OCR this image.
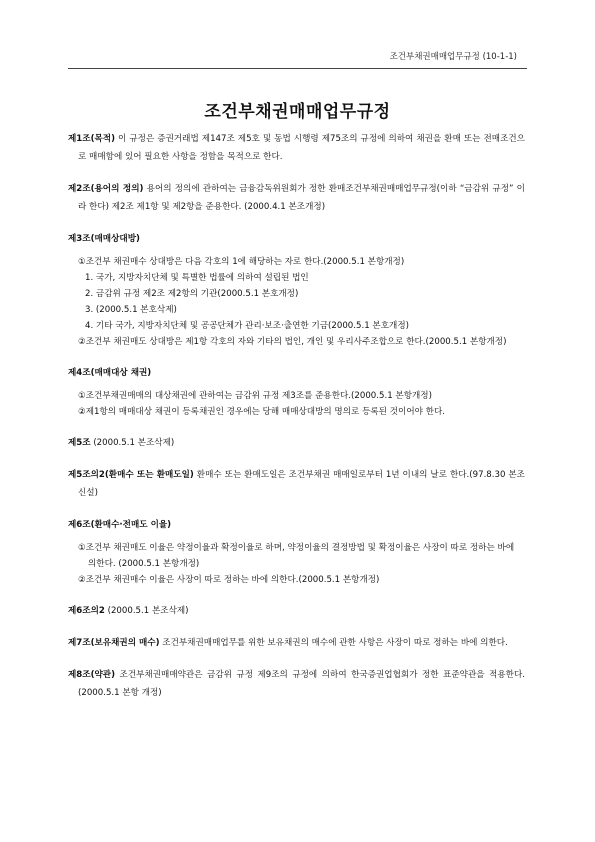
조건부채권매매업무규정 (10-1-1)
조건부채권매매업무규정

제1조(목적) 이 규정은 증권거래법 제147조 제5호 및 동법 시행령 제75조의 규정에 의하여 채권을 환매 또는 전매조건으로 매매함에 있어 필요한 사항을 정함을 목적으로 한다.

제2조(용어의 정의) 용어의 정의에 관하여는 금융감독위원회가 정한 환매조건부채권매매업무규정(이하 “금감위 규정” 이라 한다) 제2조 제1항 및 제2항을 준용한다. (2000.4.1 본조개정)

제3조(매매상대방)

①조건부 채권매수 상대방은 다음 각호의 1에 해당하는 자로 한다.(2000.5.1 본항개정)

1. 국가, 지방자치단체 및 특별한 법률에 의하여 설립된 법인

2. 금감위 규정 제2조 제2항의 기관(2000.5.1 본호개정)

3. (2000.5.1 본호삭제)

4. 기타 국가, 지방자치단체 및 공공단체가 관리·보조·출연한 기금(2000.5.1 본호개정)

②조건부 채권매도 상대방은 제1항 각호의 자와 기타의 법인, 개인 및 우리사주조합으로 한다.(2000.5.1 본항개정)

제4조(매매대상 채권)

①조건부채권매매의 대상채권에 관하여는 금감위 규정 제3조를 준용한다.(2000.5.1 본항개정)

②제1항의 매매대상 채권이 등록채권인 경우에는 당해 매매상대방의 명의로 등록된 것이어야 한다.

제5조 (2000.5.1 본조삭제)

제5조의2(환매수 또는 환매도일) 환매수 또는 환매도일은 조건부채권 매매일로부터 1년 이내의 날로 한다.(97.8.30 본조신설)

제6조(환매수·전매도 이율)

①조건부 채권매도 이율은 약정이율과 확정이율로 하며, 약정이율의 결정방법 및 확정이율은 사장이 따로 정하는 바에 의한다. (2000.5.1 본항개정)

②조건부 채권매수 이율은 사장이 따로 정하는 바에 의한다.(2000.5.1 본항개정)

제6조의2 (2000.5.1 본조삭제)

제7조(보유채권의 매수) 조건부채권매매업무를 위한 보유채권의 매수에 관한 사항은 사장이 따로 정하는 바에 의한다.

제8조(약관) 조건부채권매매약관은 금감위 규정 제9조의 규정에 의하여 한국증권업협회가 정한 표준약관을 적용한다.(2000.5.1 본항 개정)
